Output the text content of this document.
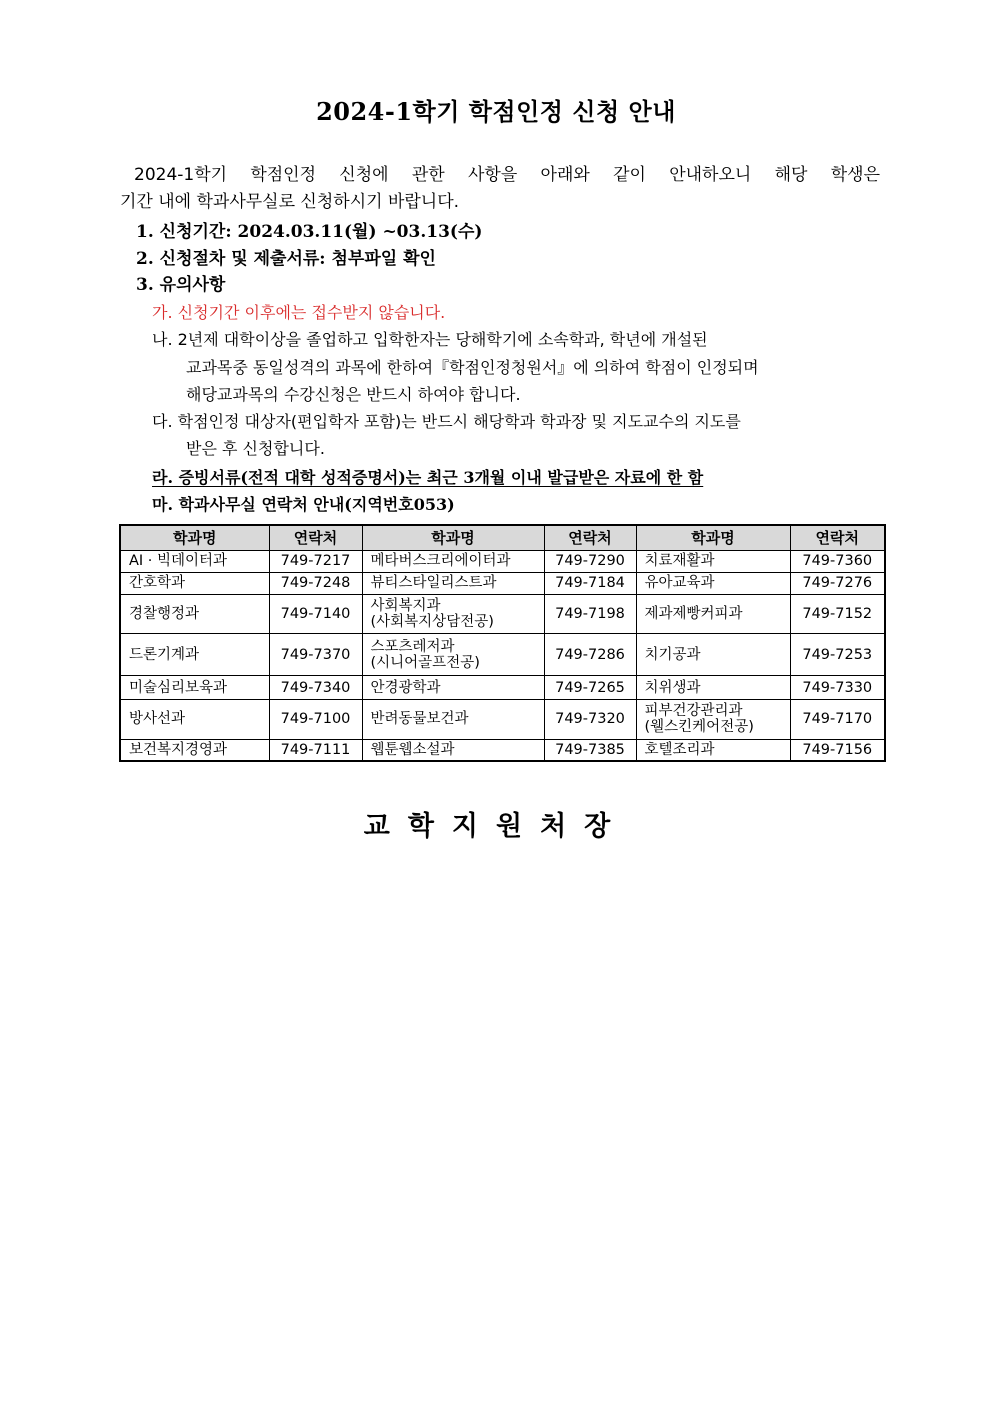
2024-1학기 학점인정 신청 안내
2024-1학기 학점인정 신청에 관한 사항을 아래와 같이 안내하오니 해당 학생은
기간 내에 학과사무실로 신청하시기 바랍니다.
1. 신청기간: 2024.03.11(월) ~03.13(수)
2. 신청절차 및 제출서류: 첨부파일 확인
3. 유의사항
가. 신청기간 이후에는 접수받지 않습니다.
나. 2년제 대학이상을 졸업하고 입학한자는 당해학기에 소속학과, 학년에 개설된
교과목중 동일성격의 과목에 한하여『학점인정청원서』에 의하여 학점이 인정되며
해당교과목의 수강신청은 반드시 하여야 합니다.
다. 학점인정 대상자(편입학자 포함)는 반드시 해당학과 학과장 및 지도교수의 지도를
받은 후 신청합니다.
라. 증빙서류(전적 대학 성적증명서)는 최근 3개월 이내 발급받은 자료에 한 함
마. 학과사무실 연락처 안내(지역번호053)
학과명	연락처	학과명	연락처	학과명	연락처

AI · 빅데이터과	749-7217	메타버스크리에이터과	749-7290	치료재활과	749-7360

간호학과	749-7248	뷰티스타일리스트과	749-7184	유아교육과	749-7276

경찰행정과	749-7140	사회복지과
(사회복지상담전공)	749-7198	제과제빵커피과	749-7152

드론기계과	749-7370	스포츠레저과
(시니어골프전공)	749-7286	치기공과	749-7253

미술심리보육과	749-7340	안경광학과	749-7265	치위생과	749-7330

방사선과	749-7100	반려동물보건과	749-7320	피부건강관리과
(웰스킨케어전공)	749-7170

보건복지경영과	749-7111	웹툰웹소설과	749-7385	호텔조리과	749-7156
교학지원처장
